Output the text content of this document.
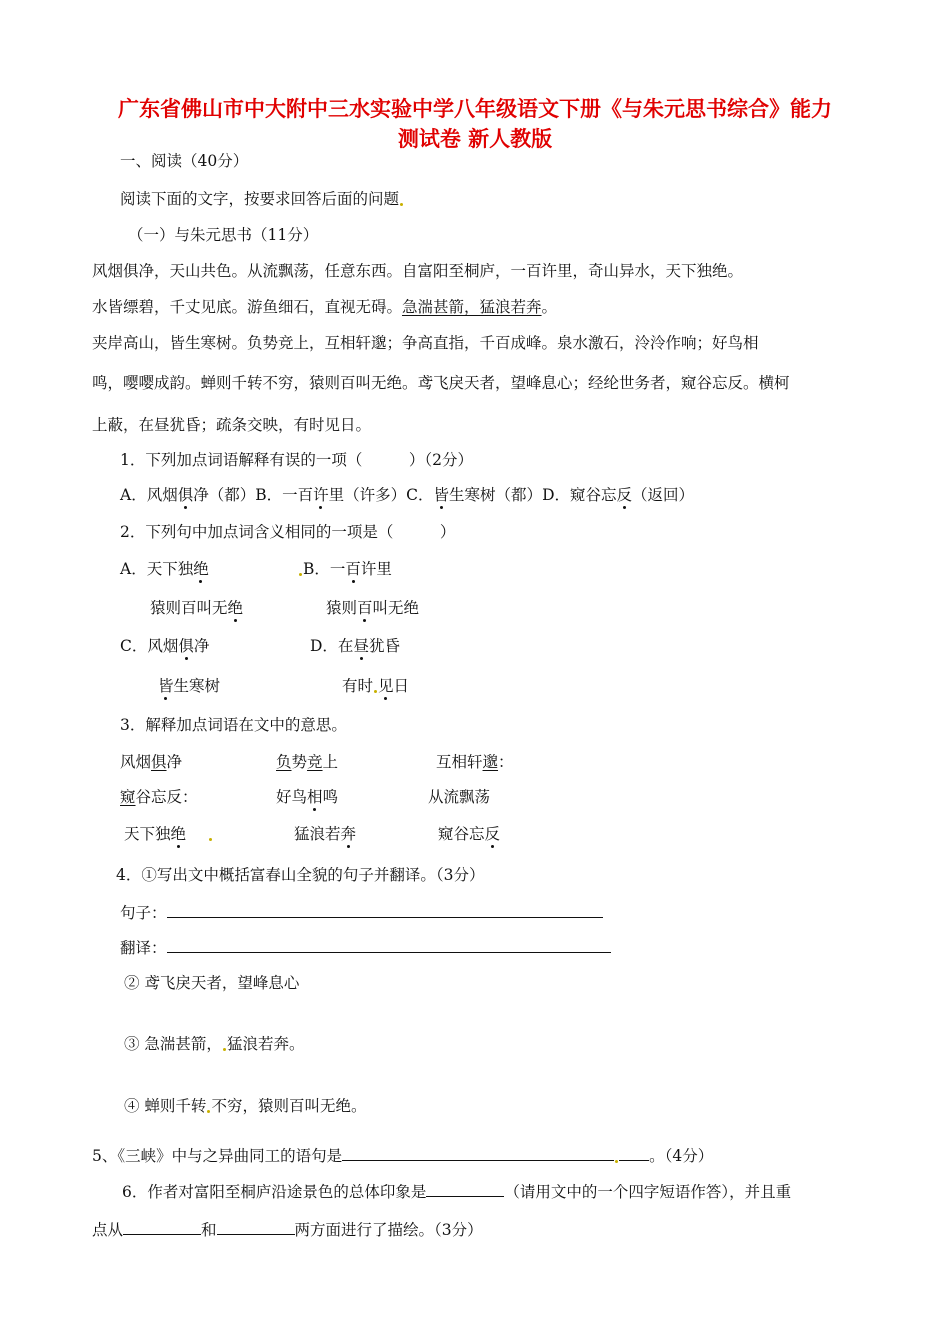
广东省佛山市中大附中三水实验中学八年级语文下册《与朱元思书综合》能力
测试卷 新人教版
一、阅读（40分）
阅读下面的文字，按要求回答后面的问题
（一）与朱元思书（11分）
风烟俱净，天山共色。从流飘荡，任意东西。自富阳至桐庐，一百许里，奇山异水，天下独绝。
水皆缥碧，千丈见底。游鱼细石，直视无碍。急湍甚箭，猛浪若奔。
夹岸高山，皆生寒树。负势竞上，互相轩邈；争高直指，千百成峰。泉水激石，泠泠作响；好鸟相
鸣，嘤嘤成韵。蝉则千转不穷，猿则百叫无绝。鸢飞戾天者，望峰息心；经纶世务者，窥谷忘反。横柯
上蔽，在昼犹昏；疏条交映，有时见日。
1．下列加点词语解释有误的一项（　　　）（2分）
A．风烟俱净（都）B．一百许里（许多）C．皆生寒树（都）D．窥谷忘反（返回）
2．下列句中加点词含义相同的一项是（　　　）
A．天下独绝	B．一百许里
猿则百叫无绝	猿则百叫无绝
C．风烟俱净	D．在昼犹昏
皆生寒树	有时 见日
3．解释加点词语在文中的意思。
风烟俱净	负势竞上	互相轩邈：
窥谷忘反：	好鸟相鸣	从流飘荡
天下独绝	猛浪若奔	窥谷忘反
4．①写出文中概括富春山全貌的句子并翻译。（3分）
句子：
翻译：
② 鸢飞戾天者，望峰息心
③ 急湍甚箭， 猛浪若奔。
④ 蝉则千转 不穷，猿则百叫无绝。
5、《三峡》中与之异曲同工的语句是	。（4分）
6．作者对富阳至桐庐沿途景色的总体印象是	（请用文中的一个四字短语作答），并且重
点从	和	两方面进行了描绘。（3分）
